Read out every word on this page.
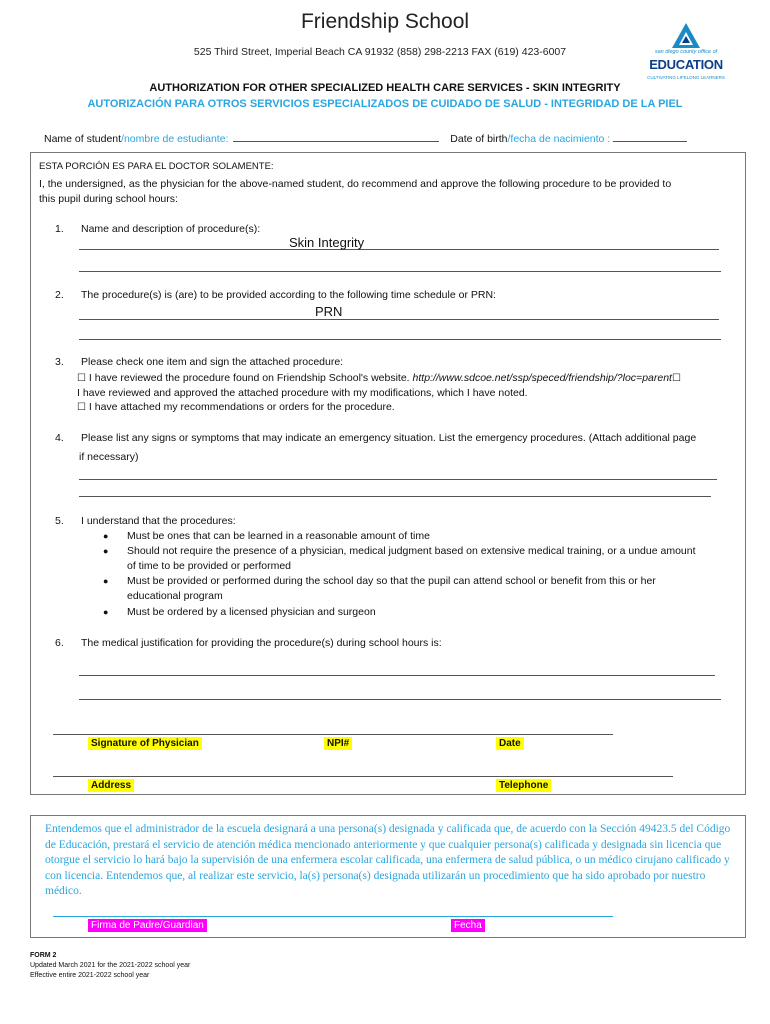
Friendship School
525 Third Street, Imperial Beach CA 91932 (858) 298-2213 FAX (619) 423-6007	san diego county office of
EDUCATION
CULTIVATING LIFELONG LEARNERS
AUTHORIZATION FOR OTHER SPECIALIZED HEALTH CARE SERVICES - SKIN INTEGRITY
AUTORIZACIÓN PARA OTROS SERVICIOS ESPECIALIZADOS DE CUIDADO DE SALUD - INTEGRIDAD DE LA PIEL
Name of student/nombre de estudiante:	Date of birth/fecha de nacimiento :
ESTA PORCIÓN ES PARA EL DOCTOR SOLAMENTE:
I, the undersigned, as the physician for the above-named student, do recommend and approve the following procedure to be provided to
this pupil during school hours:
1. Name and description of procedure(s):
Skin Integrity
2. The procedure(s) is (are) to be provided according to the following time schedule or PRN:
PRN
3. Please check one item and sign the attached procedure:
☐ I have reviewed the procedure found on Friendship School's website. http://www.sdcoe.net/ssp/speced/friendship/?loc=parent☐
I have reviewed and approved the attached procedure with my modifications, which I have noted.
☐ I have attached my recommendations or orders for the procedure.
4. Please list any signs or symptoms that may indicate an emergency situation. List the emergency procedures. (Attach additional page
if necessary)
5. I understand that the procedures:
● Must be ones that can be learned in a reasonable amount of time
● Should not require the presence of a physician, medical judgment based on extensive medical training, or a undue amount
of time to be provided or performed
● Must be provided or performed during the school day so that the pupil can attend school or benefit from this or her
educational program
● Must be ordered by a licensed physician and surgeon
6. The medical justification for providing the procedure(s) during school hours is:
Signature of Physician	NPI#	Date
Address	Telephone
Entendemos que el administrador de la escuela designará a una persona(s) designada y calificada que, de acuerdo con la Sección 49423.5 del Código de Educación, prestará el servicio de atención médica mencionado anteriormente y que cualquier persona(s) calificada y designada sin licencia que otorgue el servicio lo hará bajo la supervisión de una enfermera escolar calificada, una enfermera de salud pública, o un médico cirujano calificado y con licencia. Entendemos que, al realizar este servicio, la(s) persona(s) designada utilizarán un procedimiento que ha sido aprobado por nuestro médico.
Firma de Padre/Guardian	Fecha
FORM 2
Updated March 2021 for the 2021-2022 school year
Effective entire 2021-2022 school year
